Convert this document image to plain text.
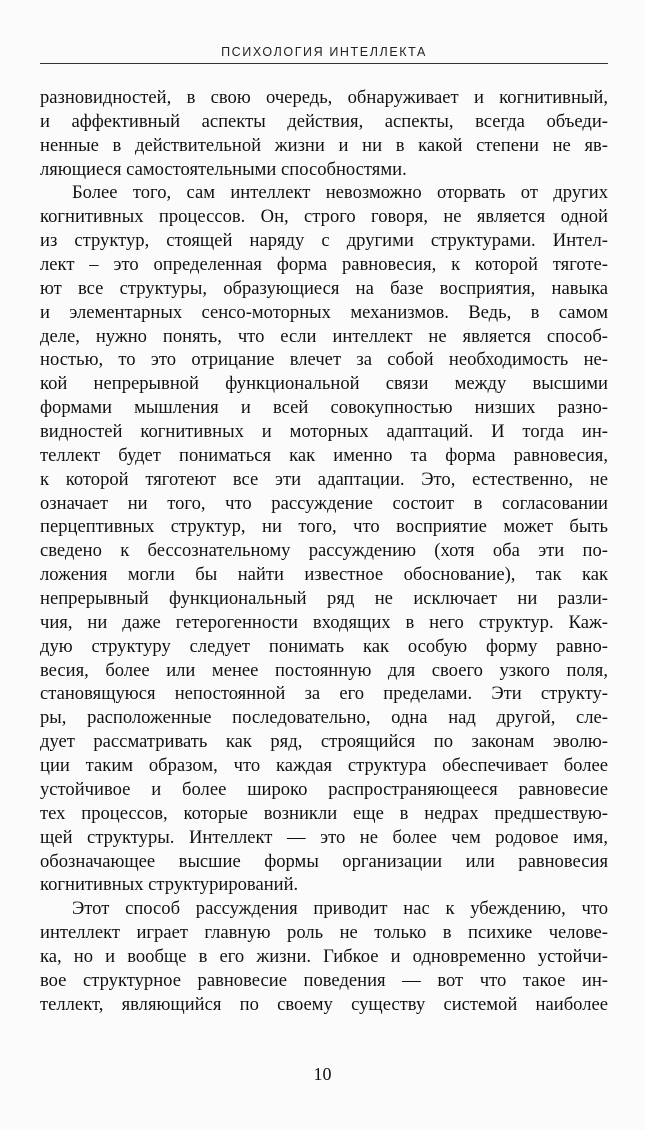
ПСИХОЛОГИЯ ИНТЕЛЛЕКТА
разновидностей, в свою очередь, обнаруживает и когнитивный,
и аффективный аспекты действия, аспекты, всегда объеди-
ненные в действительной жизни и ни в какой степени не яв-
ляющиеся самостоятельными способностями.
Более того, сам интеллект невозможно оторвать от других
когнитивных процессов. Он, строго говоря, не является одной
из структур, стоящей наряду с другими структурами. Интел-
лект – это определенная форма равновесия, к которой тяготе-
ют все структуры, образующиеся на базе восприятия, навыка
и элементарных сенсо-моторных механизмов. Ведь, в самом
деле, нужно понять, что если интеллект не является способ-
ностью, то это отрицание влечет за собой необходимость не-
кой непрерывной функциональной связи между высшими
формами мышления и всей совокупностью низших разно-
видностей когнитивных и моторных адаптаций. И тогда ин-
теллект будет пониматься как именно та форма равновесия,
к которой тяготеют все эти адаптации. Это, естественно, не
означает ни того, что рассуждение состоит в согласовании
перцептивных структур, ни того, что восприятие может быть
сведено к бессознательному рассуждению (хотя оба эти по-
ложения могли бы найти известное обоснование), так как
непрерывный функциональный ряд не исключает ни разли-
чия, ни даже гетерогенности входящих в него структур. Каж-
дую структуру следует понимать как особую форму равно-
весия, более или менее постоянную для своего узкого поля,
становящуюся непостоянной за его пределами. Эти структу-
ры, расположенные последовательно, одна над другой, сле-
дует рассматривать как ряд, строящийся по законам эволю-
ции таким образом, что каждая структура обеспечивает более
устойчивое и более широко распространяющееся равновесие
тех процессов, которые возникли еще в недрах предшествую-
щей структуры. Интеллект — это не более чем родовое имя,
обозначающее высшие формы организации или равновесия
когнитивных структурирований.
Этот способ рассуждения приводит нас к убеждению, что
интеллект играет главную роль не только в психике челове-
ка, но и вообще в его жизни. Гибкое и одновременно устойчи-
вое структурное равновесие поведения — вот что такое ин-
теллект, являющийся по своему существу системой наиболее
10
